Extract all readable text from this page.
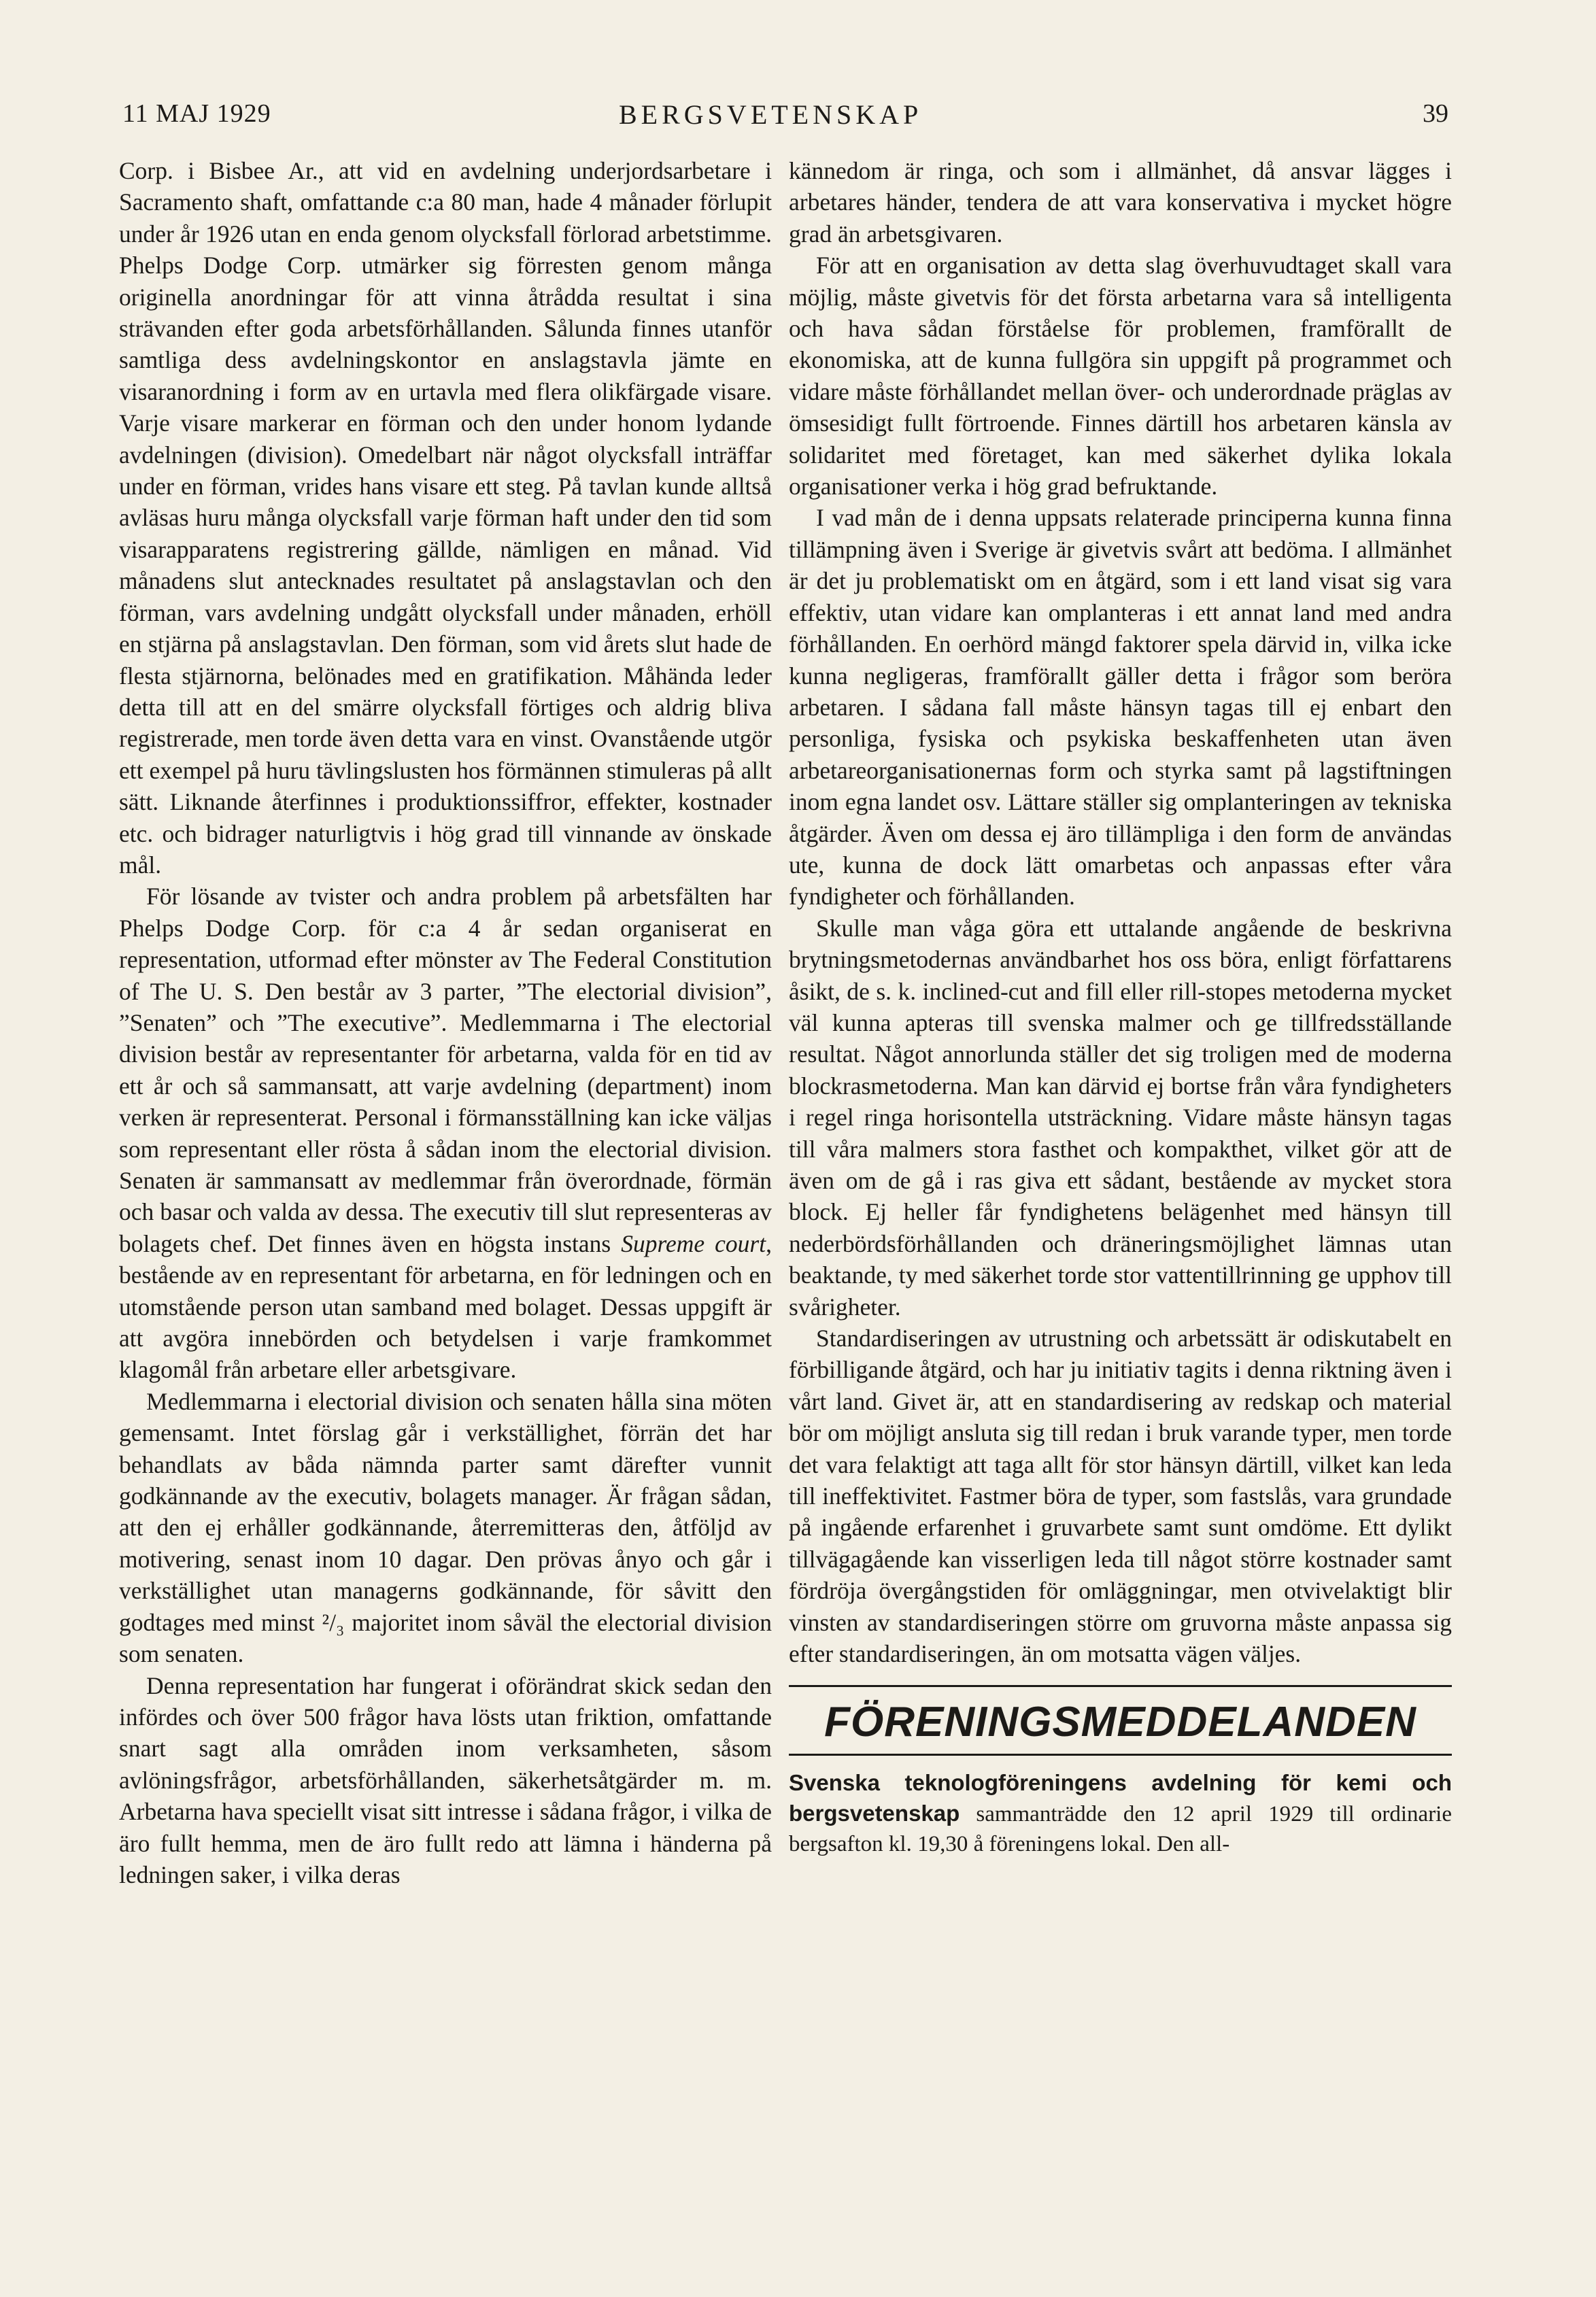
11 MAJ 1929	BERGSVETENSKAP	39

Corp. i Bisbee Ar., att vid en avdelning underjordsarbetare i Sacramento shaft, omfattande c:a 80 man, hade 4 månader förlupit under år 1926 utan en enda genom olycksfall förlorad arbetstimme. Phelps Dodge Corp. utmärker sig förresten genom många originella anordningar för att vinna åtrådda resultat i sina strävanden efter goda arbetsförhållanden. Sålunda finnes utanför samtliga dess avdelningskontor en anslagstavla jämte en visaranordning i form av en urtavla med flera olikfärgade visare. Varje visare markerar en förman och den under honom lydande avdelningen (division). Omedelbart när något olycksfall inträffar under en förman, vrides hans visare ett steg. På tavlan kunde alltså avläsas huru många olycksfall varje förman haft under den tid som visarapparatens registrering gällde, nämligen en månad. Vid månadens slut antecknades resultatet på anslagstavlan och den förman, vars avdelning undgått olycksfall under månaden, erhöll en stjärna på anslagstavlan. Den förman, som vid årets slut hade de flesta stjärnorna, belönades med en gratifikation. Måhända leder detta till att en del smärre olycksfall förtiges och aldrig bliva registrerade, men torde även detta vara en vinst. Ovanstående utgör ett exempel på huru tävlingslusten hos förmännen stimuleras på allt sätt. Liknande återfinnes i produktionssiffror, effekter, kostnader etc. och bidrager naturligtvis i hög grad till vinnande av önskade mål.

För lösande av tvister och andra problem på arbetsfälten har Phelps Dodge Corp. för c:a 4 år sedan organiserat en representation, utformad efter mönster av The Federal Constitution of The U. S. Den består av 3 parter, ”The electorial division”, ”Senaten” och ”The executive”. Medlemmarna i The electorial division består av representanter för arbetarna, valda för en tid av ett år och så sammansatt, att varje avdelning (department) inom verken är representerat. Personal i förmansställning kan icke väljas som representant eller rösta å sådan inom the electorial division. Senaten är sammansatt av medlemmar från överordnade, förmän och basar och valda av dessa. The executiv till slut representeras av bolagets chef. Det finnes även en högsta instans Supreme court, bestående av en representant för arbetarna, en för ledningen och en utomstående person utan samband med bolaget. Dessas uppgift är att avgöra innebörden och betydelsen i varje framkommet klagomål från arbetare eller arbetsgivare.

Medlemmarna i electorial division och senaten hålla sina möten gemensamt. Intet förslag går i verkställighet, förrän det har behandlats av båda nämnda parter samt därefter vunnit godkännande av the executiv, bolagets manager. Är frågan sådan, att den ej erhåller godkännande, återremitteras den, åtföljd av motivering, senast inom 10 dagar. Den prövas ånyo och går i verkställighet utan managerns godkännande, för såvitt den godtages med minst ²/₃ majoritet inom såväl the electorial division som senaten.

Denna representation har fungerat i oförändrat skick sedan den infördes och över 500 frågor hava lösts utan friktion, omfattande snart sagt alla områden inom verksamheten, såsom avlöningsfrågor, arbetsförhållanden, säkerhetsåtgärder m. m. Arbetarna hava speciellt visat sitt intresse i sådana frågor, i vilka de äro fullt hemma, men de äro fullt redo att lämna i händerna på ledningen saker, i vilka deras

kännedom är ringa, och som i allmänhet, då ansvar lägges i arbetares händer, tendera de att vara konservativa i mycket högre grad än arbetsgivaren.

För att en organisation av detta slag överhuvudtaget skall vara möjlig, måste givetvis för det första arbetarna vara så intelligenta och hava sådan förståelse för problemen, framförallt de ekonomiska, att de kunna fullgöra sin uppgift på programmet och vidare måste förhållandet mellan över- och underordnade präglas av ömsesidigt fullt förtroende. Finnes därtill hos arbetaren känsla av solidaritet med företaget, kan med säkerhet dylika lokala organisationer verka i hög grad befruktande.

I vad mån de i denna uppsats relaterade principerna kunna finna tillämpning även i Sverige är givetvis svårt att bedöma. I allmänhet är det ju problematiskt om en åtgärd, som i ett land visat sig vara effektiv, utan vidare kan omplanteras i ett annat land med andra förhållanden. En oerhörd mängd faktorer spela därvid in, vilka icke kunna negligeras, framförallt gäller detta i frågor som beröra arbetaren. I sådana fall måste hänsyn tagas till ej enbart den personliga, fysiska och psykiska beskaffenheten utan även arbetareorganisationernas form och styrka samt på lagstiftningen inom egna landet osv. Lättare ställer sig omplanteringen av tekniska åtgärder. Även om dessa ej äro tillämpliga i den form de användas ute, kunna de dock lätt omarbetas och anpassas efter våra fyndigheter och förhållanden.

Skulle man våga göra ett uttalande angående de beskrivna brytningsmetodernas användbarhet hos oss böra, enligt författarens åsikt, de s. k. inclined-cut and fill eller rill-stopes metoderna mycket väl kunna apteras till svenska malmer och ge tillfredsställande resultat. Något annorlunda ställer det sig troligen med de moderna blockrasmetoderna. Man kan därvid ej bortse från våra fyndigheters i regel ringa horisontella utsträckning. Vidare måste hänsyn tagas till våra malmers stora fasthet och kompakthet, vilket gör att de även om de gå i ras giva ett sådant, bestående av mycket stora block. Ej heller får fyndighetens belägenhet med hänsyn till nederbördsförhållanden och dräneringsmöjlighet lämnas utan beaktande, ty med säkerhet torde stor vattentillrinning ge upphov till svårigheter.

Standardiseringen av utrustning och arbetssätt är odiskutabelt en förbilligande åtgärd, och har ju initiativ tagits i denna riktning även i vårt land. Givet är, att en standardisering av redskap och material bör om möjligt ansluta sig till redan i bruk varande typer, men torde det vara felaktigt att taga allt för stor hänsyn därtill, vilket kan leda till ineffektivitet. Fastmer böra de typer, som fastslås, vara grundade på ingående erfarenhet i gruvarbete samt sunt omdöme. Ett dylikt tillvägagående kan visserligen leda till något större kostnader samt fördröja övergångstiden för omläggningar, men otvivelaktigt blir vinsten av standardiseringen större om gruvorna måste anpassa sig efter standardiseringen, än om motsatta vägen väljes.

FÖRENINGSMEDDELANDEN
Svenska teknologföreningens avdelning för kemi och bergsvetenskap sammanträdde den 12 april 1929 till ordinarie bergsafton kl. 19,30 å föreningens lokal. Den all-
